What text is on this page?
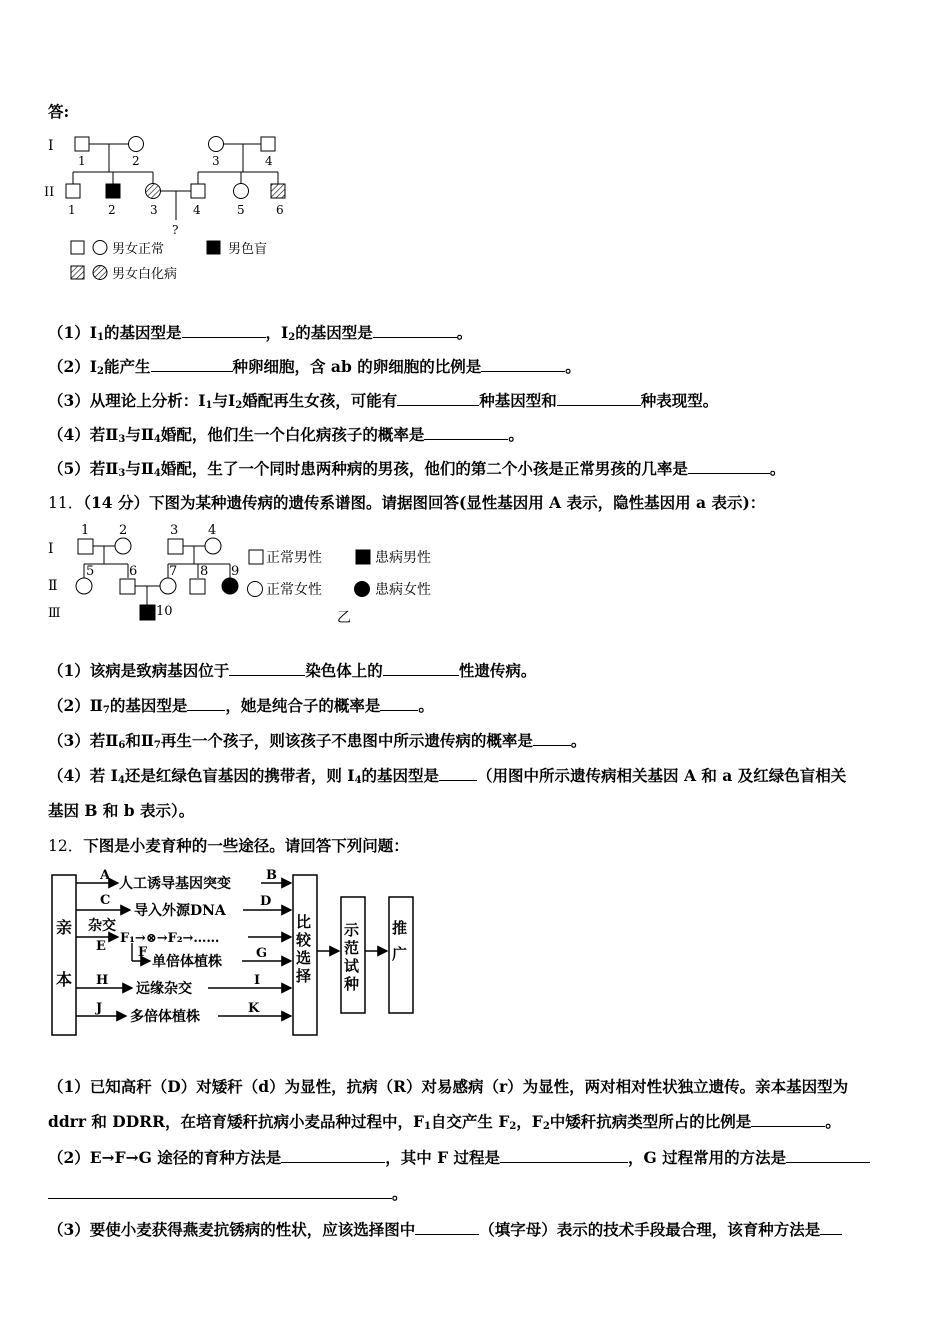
答:
I
II
1	2	3	4
?
1	2	3	4	5	6
男女正常	男色盲
男女白化病
$(1)Ⅰ_1$的基因型是	，$Ⅰ_2$的基因型是	。
$(2)Ⅰ_2$能产生	种卵细胞，含 ab 的卵细胞的比例是	。
（3）从理论上分析：$Ⅰ_1$与$Ⅰ_2$婚配再生女孩，可能有	种基因型和	种表现型。
（4）若$Ⅱ_3$与$Ⅱ_4$婚配，他们生一个白化病孩子的概率是	。
（5）若$Ⅱ_3$与$Ⅱ_4$婚配，生了一个同时患两种病的男孩，他们的第二个小孩是正常男孩的几率是	。
11．（14 分）下图为某种遗传病的遗传系谱图。请据图回答(显性基因用 A 表示，隐性基因用 a 表示)：
Ⅰ
Ⅱ
Ⅲ
1 2	3 4
5	6 7 8 9
10
正常男性	患病男性
正常女性	患病女性
乙
（1）该病是致病基因位于	染色体上的	性遗传病。
$(2)Ⅱ_7$的基因型是 ，她是纯合子的概率是 。
（3）若$Ⅱ_6$和$Ⅱ_7$再生一个孩子，则该孩子不患图中所示遗传病的概率是 。
（4）若 $I_4$还是红绿色盲基因的携带者，则 $I_4$的基因型是 （用图中所示遗传病相关基因 A 和 a 及红绿色盲相关
基因 B 和 b 表示）。
12．下图是小麦育种的一些途径。请回答下列问题：
亲
本
比
较
选
择
示
范
试
种
推
广
A
人工诱导基因突变
B
C
导入外源DNA
D
杂交
E
F₁→⊗→F₂→……
F
单倍体植株
G
H
远缘杂交
I
J
多倍体植株
K
（1）已知高秆（D）对矮秆（d）为显性，抗病（R）对易感病（r）为显性，两对相对性状独立遗传。亲本基因型为
ddrr 和 DDRR，在培育矮秆抗病小麦品种过程中，$F_1$自交产生 $F_2$，$F_2$中矮秆抗病类型所占的比例是	。
（2）E→F→G 途径的育种方法是	，其中 F 过程是	，G 过程常用的方法是
。
（3）要使小麦获得燕麦抗锈病的性状，应该选择图中	（填字母）表示的技术手段最合理，该育种方法是
